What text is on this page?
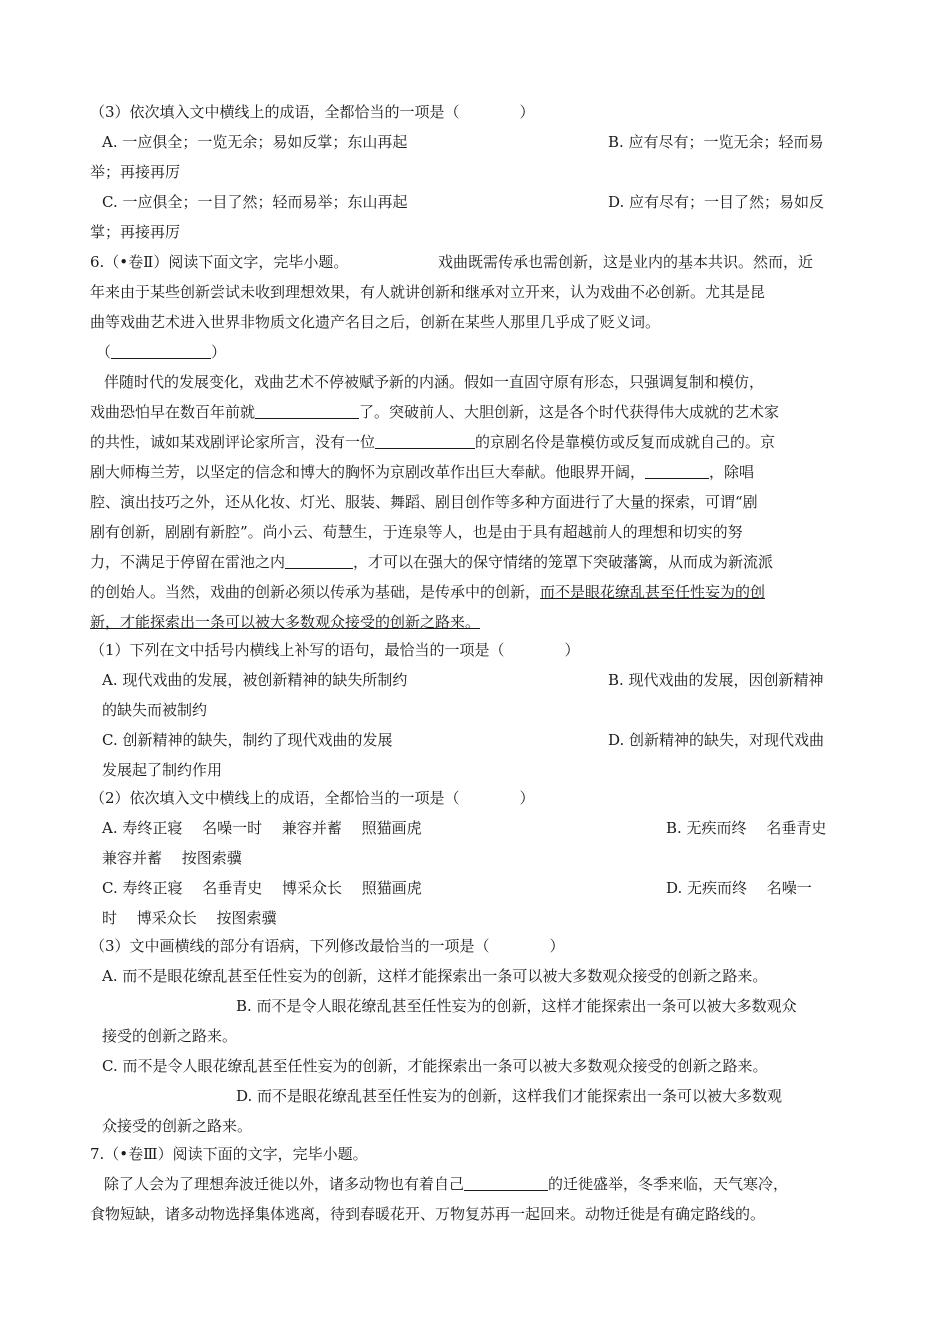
（3）依次填入文中横线上的成语，全都恰当的一项是（　　　　）
A. 一应俱全；一览无余；易如反掌；东山再起	B. 应有尽有；一览无余；轻而易
举；再接再厉
C. 一应俱全；一目了然；轻而易举；东山再起	D. 应有尽有；一目了然；易如反
掌；再接再厉
6.（•卷Ⅱ）阅读下面文字，完毕小题。	戏曲既需传承也需创新，这是业内的基本共识。然而，近
年来由于某些创新尝试未收到理想效果，有人就讲创新和继承对立开来，认为戏曲不必创新。尤其是昆
曲等戏曲艺术进入世界非物质文化遗产名目之后，创新在某些人那里几乎成了贬义词。
（	）
伴随时代的发展变化，戏曲艺术不停被赋予新的内涵。假如一直固守原有形态，只强调复制和模仿，
戏曲恐怕早在数百年前就	了。突破前人、大胆创新，这是各个时代获得伟大成就的艺术家
的共性，诚如某戏剧评论家所言，没有一位	的京剧名伶是靠模仿或反复而成就自己的。京
剧大师梅兰芳，以坚定的信念和博大的胸怀为京剧改革作出巨大奉献。他眼界开阔，	，除唱
腔、演出技巧之外，还从化妆、灯光、服装、舞蹈、剧目创作等多种方面进行了大量的探索，可谓“剧
剧有创新，剧剧有新腔”。尚小云、荀慧生，于连泉等人，也是由于具有超越前人的理想和切实的努
力，不满足于停留在雷池之内	，才可以在强大的保守情绪的笼罩下突破藩篱，从而成为新流派
的创始人。当然，戏曲的创新必须以传承为基础，是传承中的创新，而不是眼花缭乱甚至任性妄为的创
新，才能探索出一条可以被大多数观众接受的创新之路来。
（1）下列在文中括号内横线上补写的语句，最恰当的一项是（　　　　）
A. 现代戏曲的发展，被创新精神的缺失所制约	B. 现代戏曲的发展，因创新精神
的缺失而被制约
C. 创新精神的缺失，制约了现代戏曲的发展	D. 创新精神的缺失，对现代戏曲
发展起了制约作用
（2）依次填入文中横线上的成语，全都恰当的一项是（　　　　）
A. 寿终正寝　 名噪一时　 兼容并蓄　 照猫画虎	B. 无疾而终　 名垂青史
兼容并蓄　 按图索骥
C. 寿终正寝　 名垂青史　 博采众长　 照猫画虎	D. 无疾而终　 名噪一
时　 博采众长　 按图索骥
（3）文中画横线的部分有语病，下列修改最恰当的一项是（　　　　）
A. 而不是眼花缭乱甚至任性妄为的创新，这样才能探索出一条可以被大多数观众接受的创新之路来。
B. 而不是令人眼花缭乱甚至任性妄为的创新，这样才能探索出一条可以被大多数观众
接受的创新之路来。
C. 而不是令人眼花缭乱甚至任性妄为的创新，才能探索出一条可以被大多数观众接受的创新之路来。
D. 而不是眼花缭乱甚至任性妄为的创新，这样我们才能探索出一条可以被大多数观
众接受的创新之路来。
7.（•卷Ⅲ）阅读下面的文字，完毕小题。
除了人会为了理想奔波迁徙以外，诸多动物也有着自己	的迁徙盛举，冬季来临，天气寒冷，
食物短缺，诸多动物选择集体逃离，待到春暖花开、万物复苏再一起回来。动物迁徙是有确定路线的。
